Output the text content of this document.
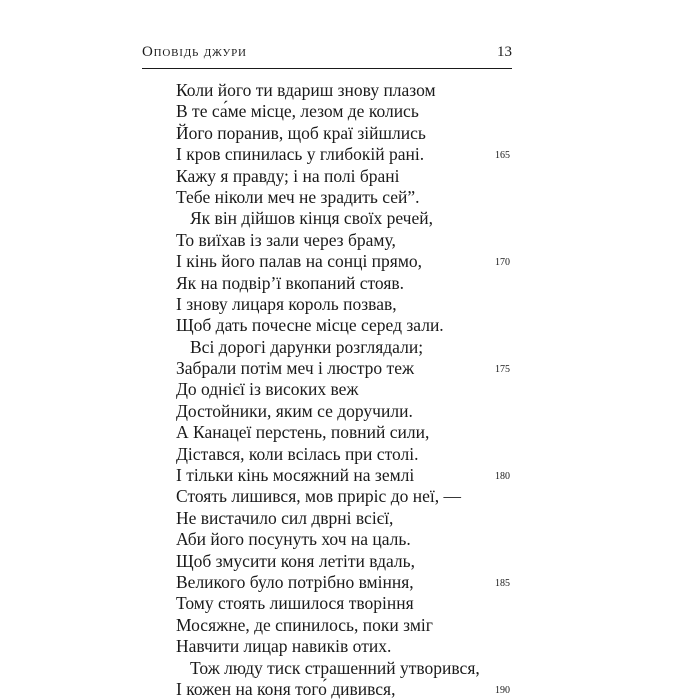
Оповідь джури	13
Коли його ти вдариш знову плазом
В те са́ме місце, лезом де колись
Його поранив, щоб краї зійшлись
І кров спинилась у глибокій рані.	165
Кажу я правду; і на полі брані
Тебе ніколи меч не зрадить сей”.
Як він дійшов кінця своїх речей,
То виїхав із зали через браму,
І кінь його палав на сонці прямо,	170
Як на подвір’ї вкопаний стояв.
І знову лицаря король позвав,
Щоб дать почесне місце серед зали.
Всі дорогі дарунки розглядали;
Забрали потім меч і люстро теж	175
До однієї із високих веж
Достойники, яким се доручили.
А Канацеї перстень, повний сили,
Дістався, коли всілась при столі.
І тільки кінь мосяжний на землі	180
Стоять лишився, мов приріс до неї, —
Не вистачило сил дврні всієї,
Аби його посунуть хоч на цаль.
Щоб змусити коня летіти вдаль,
Великого було потрібно вміння,	185
Тому стоять лишилося творіння
Мосяжне, де спинилось, поки зміг
Навчити лицар навиків отих.
Тож люду тиск страшенний утворився,
І кожен на коня того́ дивився,	190
